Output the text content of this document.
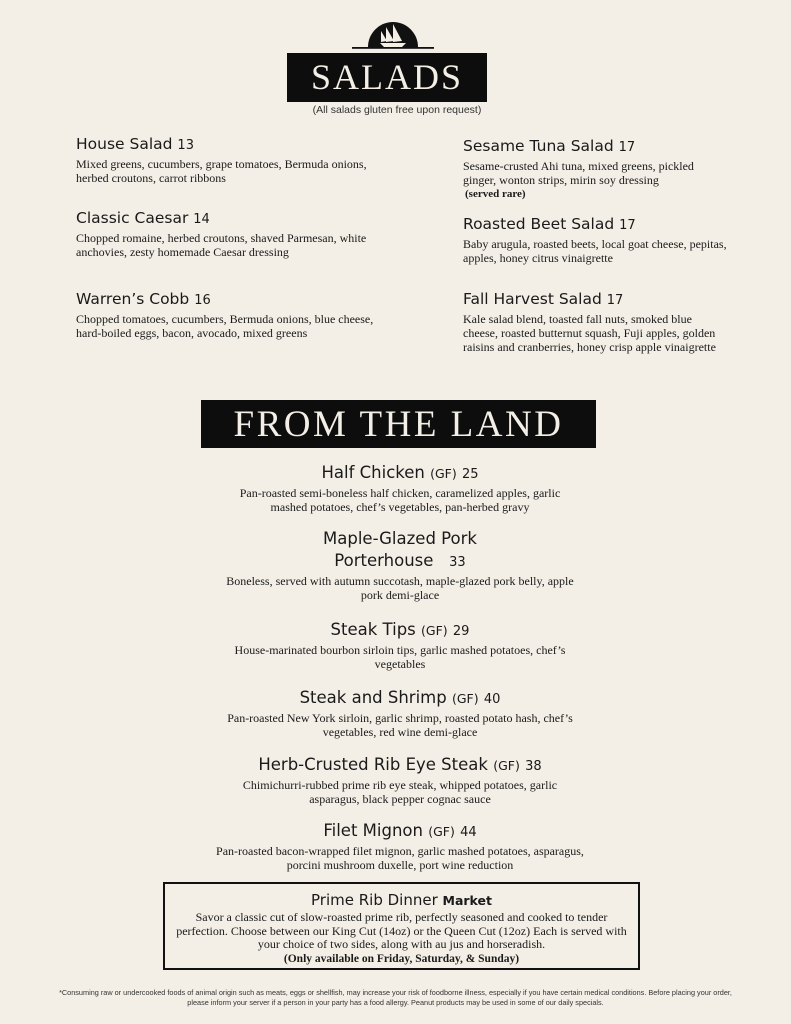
SALADS
(All salads gluten free upon request)
House Salad 13
Mixed greens, cucumbers, grape tomatoes, Bermuda onions, herbed croutons, carrot ribbons
Classic Caesar 14
Chopped romaine, herbed croutons, shaved Parmesan, white anchovies, zesty homemade Caesar dressing
Warren’s Cobb 16
Chopped tomatoes, cucumbers, Bermuda onions, blue cheese, hard-boiled eggs, bacon, avocado, mixed greens
Sesame Tuna Salad 17
Sesame-crusted Ahi tuna, mixed greens, pickled ginger, wonton strips, mirin soy dressing
(served rare)
Roasted Beet Salad 17
Baby arugula, roasted beets, local goat cheese, pepitas, apples, honey citrus vinaigrette
Fall Harvest Salad 17
Kale salad blend, toasted fall nuts, smoked blue cheese, roasted butternut squash, Fuji apples, golden raisins and cranberries, honey crisp apple vinaigrette
FROM THE LAND
Half Chicken (GF) 25
Pan-roasted semi-boneless half chicken, caramelized apples, garlic mashed potatoes, chef’s vegetables, pan-herbed gravy
Maple-Glazed Pork
Porterhouse 33
Boneless, served with autumn succotash, maple-glazed pork belly, apple pork demi-glace
Steak Tips (GF) 29
House-marinated bourbon sirloin tips, garlic mashed potatoes, chef’s vegetables
Steak and Shrimp (GF) 40
Pan-roasted New York sirloin, garlic shrimp, roasted potato hash, chef’s vegetables, red wine demi-glace
Herb-Crusted Rib Eye Steak (GF) 38
Chimichurri-rubbed prime rib eye steak, whipped potatoes, garlic asparagus, black pepper cognac sauce
Filet Mignon (GF) 44
Pan-roasted bacon-wrapped filet mignon, garlic mashed potatoes, asparagus, porcini mushroom duxelle, port wine reduction
Prime Rib Dinner Market
Savor a classic cut of slow-roasted prime rib, perfectly seasoned and cooked to tender perfection. Choose between our King Cut (14oz) or the Queen Cut (12oz) Each is served with your choice of two sides, along with au jus and horseradish.
(Only available on Friday, Saturday, & Sunday)
*Consuming raw or undercooked foods of animal origin such as meats, eggs or shellfish, may increase your risk of foodborne illness, especially if you have certain medical conditions. Before placing your order, please inform your server if a person in your party has a food allergy. Peanut products may be used in some of our daily specials.
